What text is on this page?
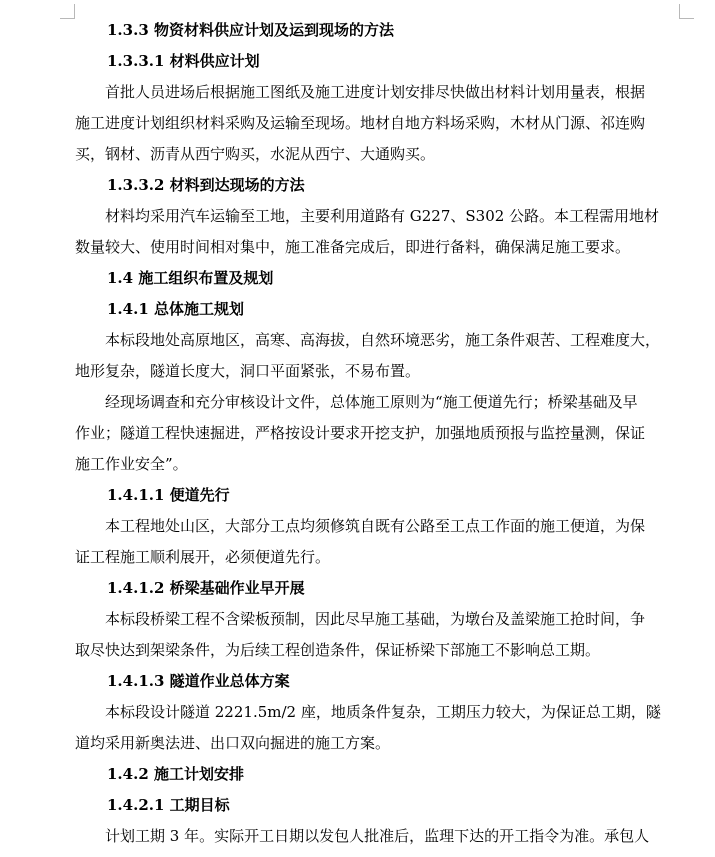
1.3.3 物资材料供应计划及运到现场的方法
1.3.3.1 材料供应计划
首批人员进场后根据施工图纸及施工进度计划安排尽快做出材料计划用量表，根据
施工进度计划组织材料采购及运输至现场。地材自地方料场采购，木材从门源、祁连购
买，钢材、沥青从西宁购买，水泥从西宁、大通购买。
1.3.3.2 材料到达现场的方法
材料均采用汽车运输至工地，主要利用道路有 G227、S302 公路。本工程需用地材
数量较大、使用时间相对集中，施工准备完成后，即进行备料，确保满足施工要求。
1.4 施工组织布置及规划
1.4.1 总体施工规划
本标段地处高原地区，高寒、高海拔，自然环境恶劣，施工条件艰苦、工程难度大，
地形复杂，隧道长度大，洞口平面紧张，不易布置。
经现场调查和充分审核设计文件，总体施工原则为“施工便道先行；桥梁基础及早
作业；隧道工程快速掘进，严格按设计要求开挖支护，加强地质预报与监控量测，保证
施工作业安全”。
1.4.1.1 便道先行
本工程地处山区，大部分工点均须修筑自既有公路至工点工作面的施工便道，为保
证工程施工顺利展开，必须便道先行。
1.4.1.2 桥梁基础作业早开展
本标段桥梁工程不含梁板预制，因此尽早施工基础，为墩台及盖梁施工抢时间，争
取尽快达到架梁条件，为后续工程创造条件，保证桥梁下部施工不影响总工期。
1.4.1.3 隧道作业总体方案
本标段设计隧道 2221.5m/2 座，地质条件复杂，工期压力较大，为保证总工期，隧
道均采用新奥法进、出口双向掘进的施工方案。
1.4.2 施工计划安排
1.4.2.1 工期目标
计划工期 3 年。实际开工日期以发包人批准后，监理下达的开工指令为准。承包人
